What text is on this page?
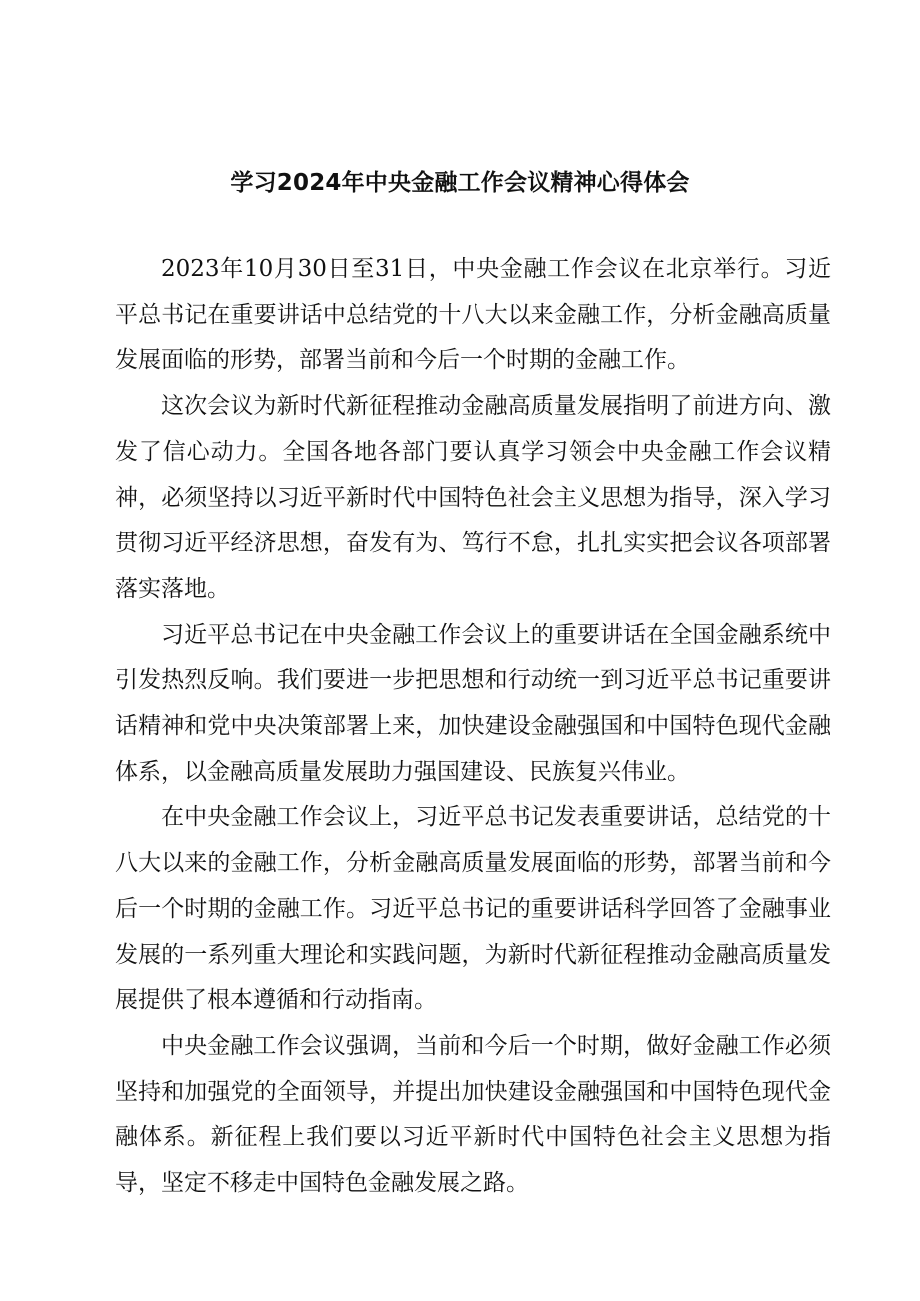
学习2024年中央金融工作会议精神心得体会

2023年10月30日至31日，中央金融工作会议在北京举行。习近平总书记在重要讲话中总结党的十八大以来金融工作，分析金融高质量发展面临的形势，部署当前和今后一个时期的金融工作。

这次会议为新时代新征程推动金融高质量发展指明了前进方向、激发了信心动力。全国各地各部门要认真学习领会中央金融工作会议精神，必须坚持以习近平新时代中国特色社会主义思想为指导，深入学习贯彻习近平经济思想，奋发有为、笃行不怠，扎扎实实把会议各项部署落实落地。

习近平总书记在中央金融工作会议上的重要讲话在全国金融系统中引发热烈反响。我们要进一步把思想和行动统一到习近平总书记重要讲话精神和党中央决策部署上来，加快建设金融强国和中国特色现代金融体系，以金融高质量发展助力强国建设、民族复兴伟业。

在中央金融工作会议上，习近平总书记发表重要讲话，总结党的十八大以来的金融工作，分析金融高质量发展面临的形势，部署当前和今后一个时期的金融工作。习近平总书记的重要讲话科学回答了金融事业发展的一系列重大理论和实践问题，为新时代新征程推动金融高质量发展提供了根本遵循和行动指南。

中央金融工作会议强调，当前和今后一个时期，做好金融工作必须坚持和加强党的全面领导，并提出加快建设金融强国和中国特色现代金融体系。新征程上我们要以习近平新时代中国特色社会主义思想为指导，坚定不移走中国特色金融发展之路。
